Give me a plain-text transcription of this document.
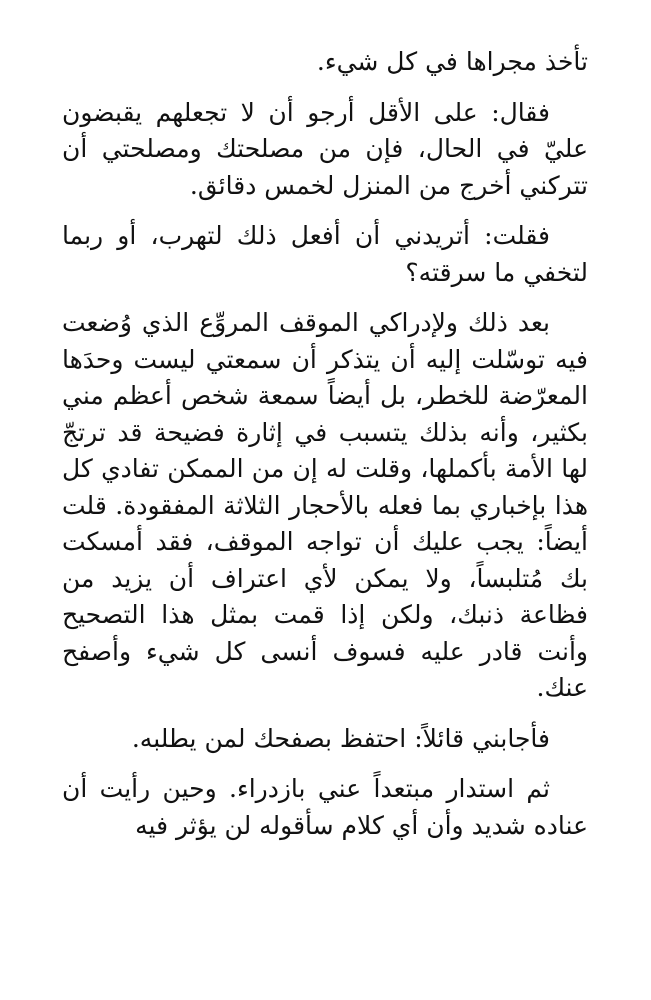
تأخذ مجراها في كل شيء.

فقال: على الأقل أرجو أن لا تجعلهم يقبضون عليّ في الحال، فإن من مصلحتك ومصلحتي أن تتركني أخرج من المنزل لخمس دقائق.

فقلت: أتريدني أن أفعل ذلك لتهرب، أو ربما لتخفي ما سرقته؟

بعد ذلك ولإدراكي الموقف المروِّع الذي وُضعت فيه توسّلت إليه أن يتذكر أن سمعتي ليست وحدَها المعرّضة للخطر، بل أيضاً سمعة شخص أعظم مني بكثير، وأنه بذلك يتسبب في إثارة فضيحة قد ترتجّ لها الأمة بأكملها، وقلت له إن من الممكن تفادي كل هذا بإخباري بما فعله بالأحجار الثلاثة المفقودة. قلت أيضاً: يجب عليك أن تواجه الموقف، فقد أمسكت بك مُتلبساً، ولا يمكن لأي اعتراف أن يزيد من فظاعة ذنبك، ولكن إذا قمت بمثل هذا التصحيح وأنت قادر عليه فسوف أنسى كل شيء وأصفح عنك.

فأجابني قائلاً: احتفظ بصفحك لمن يطلبه.

ثم استدار مبتعداً عني بازدراء. وحين رأيت أن عناده شديد وأن أي كلام سأقوله لن يؤثر فيه
